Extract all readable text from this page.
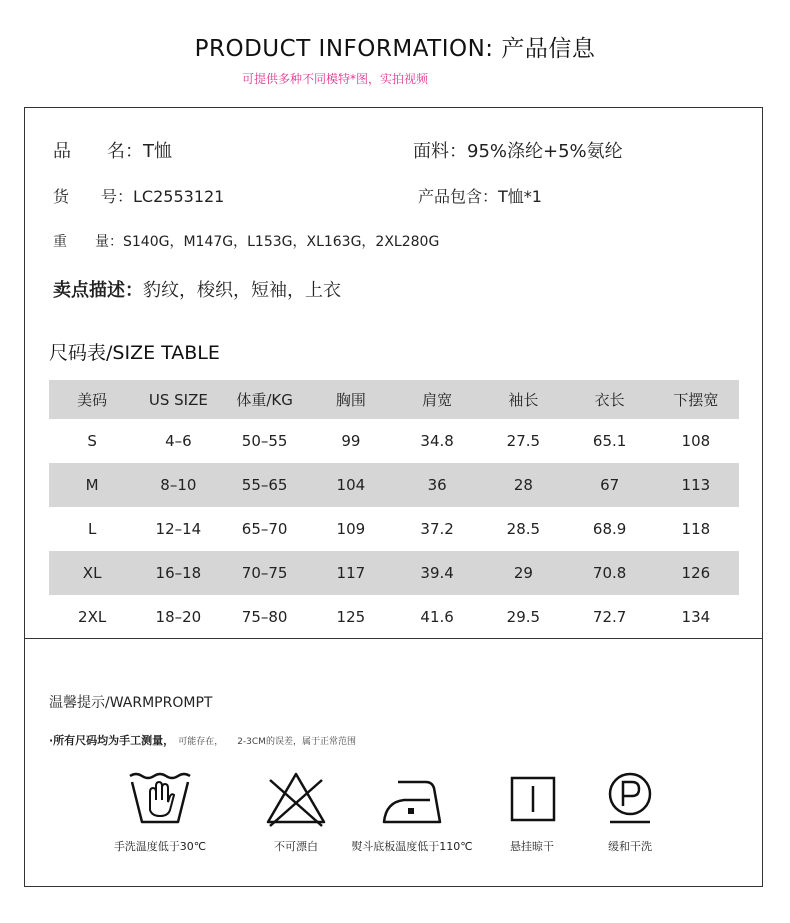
PRODUCT INFORMATION: 产品信息
可提供多种不同模特*图，实拍视频
品　　名：T恤	面料：95%涤纶+5%氨纶
货　　号：LC2553121	产品包含：T恤*1
重　　量：S140G，M147G，L153G，XL163G，2XL280G
卖点描述：豹纹，梭织，短袖，上衣
尺码表/SIZE TABLE
美码	US SIZE	体重/KG	胸围	肩宽	袖长	衣长	下摆宽
S	4–6	50–55	99	34.8	27.5	65.1	108
M	8–10	55–65	104	36	28	67	113
L	12–14	65–70	109	37.2	28.5	68.9	118
XL	16–18	70–75	117	39.4	29	70.8	126
2XL	18–20	75–80	125	41.6	29.5	72.7	134
温馨提示/WARMPROMPT
·所有尺码均为手工测量， 可能存在， 2-3CM的误差，属于正常范围
手洗温度低于30℃	不可漂白	熨斗底板温度低于110℃	悬挂晾干	缓和干洗
